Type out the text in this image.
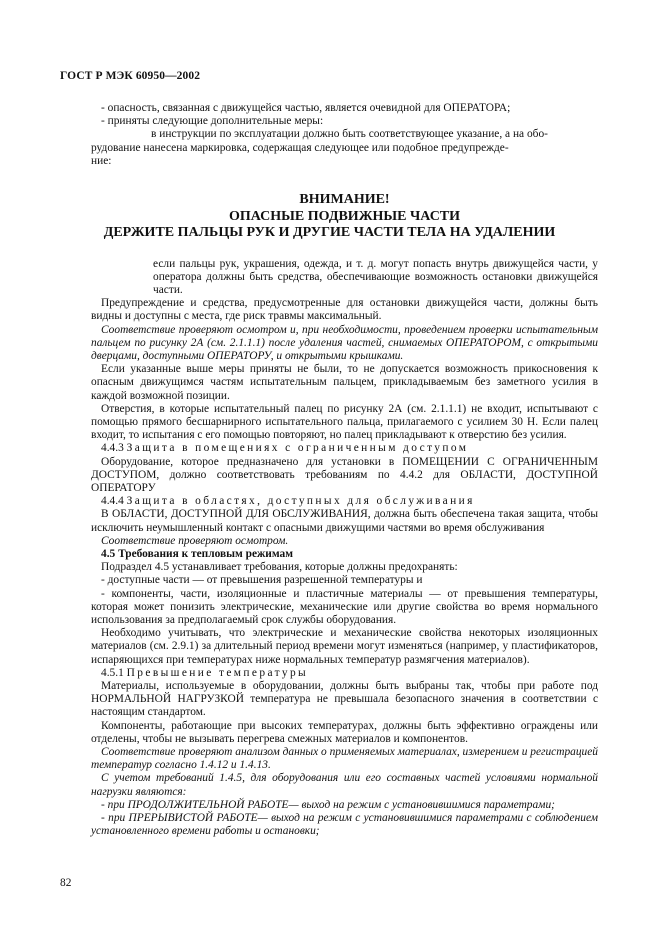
ГОСТ Р МЭК 60950—2002

- опасность, связанная с движущейся частью, является очевидной для ОПЕРАТОРА;

- приняты следующие дополнительные меры:

в инструкции по эксплуатации должно быть соответствующее указание, а на обо-

рудование нанесена маркировка, содержащая следующее или подобное предупрежде-

ние:

ВНИМАНИЕ!
ОПАСНЫЕ ПОДВИЖНЫЕ ЧАСТИ
ДЕРЖИТЕ ПАЛЬЦЫ РУК И ДРУГИЕ ЧАСТИ ТЕЛА НА УДАЛЕНИИ

если пальцы рук, украшения, одежда, и т. д. могут попасть внутрь движущейся части, у оператора должны быть средства, обеспечивающие возможность остановки движущейся части.

Предупреждение и средства, предусмотренные для остановки движущейся части, должны быть видны и доступны с места, где риск травмы максимальный.

Соответствие проверяют осмотром и, при необходимости, проведением проверки испытательным пальцем по рисунку 2А (см. 2.1.1.1) после удаления частей, снимаемых ОПЕРАТОРОМ, с открытыми дверцами, доступными ОПЕРАТОРУ, и открытыми крышками.

Если указанные выше меры приняты не были, то не допускается возможность прикосновения к опасным движущимся частям испытательным пальцем, прикладываемым без заметного усилия в каждой возможной позиции.

Отверстия, в которые испытательный палец по рисунку 2А (см. 2.1.1.1) не входит, испытывают с помощью прямого бесшарнирного испытательного пальца, прилагаемого с усилием 30 Н. Если палец входит, то испытания с его помощью повторяют, но палец прикладывают к отверстию без усилия.

4.4.3 Защита в помещениях с ограниченным доступом

Оборудование, которое предназначено для установки в ПОМЕЩЕНИИ С ОГРАНИЧЕННЫМ ДОСТУПОМ, должно соответствовать требованиям по 4.4.2 для ОБЛАСТИ, ДОСТУПНОЙ ОПЕРАТОРУ

4.4.4 Защита в областях, доступных для обслуживания

В ОБЛАСТИ, ДОСТУПНОЙ ДЛЯ ОБСЛУЖИВАНИЯ, должна быть обеспечена такая защита, чтобы исключить неумышленный контакт с опасными движущими частями во время обслуживания

Соответствие проверяют осмотром.

4.5 Требования к тепловым режимам

Подраздел 4.5 устанавливает требования, которые должны предохранять:

- доступные части — от превышения разрешенной температуры и

- компоненты, части, изоляционные и пластичные материалы — от превышения температуры, которая может понизить электрические, механические или другие свойства во время нормального использования за предполагаемый срок службы оборудования.

Необходимо учитывать, что электрические и механические свойства некоторых изоляционных материалов (см. 2.9.1) за длительный период времени могут изменяться (например, у пластификаторов, испаряющихся при температурах ниже нормальных температур размягчения материалов).

4.5.1 Превышение температуры

Материалы, используемые в оборудовании, должны быть выбраны так, чтобы при работе под НОРМАЛЬНОЙ НАГРУЗКОЙ температура не превышала безопасного значения в соответствии с настоящим стандартом.

Компоненты, работающие при высоких температурах, должны быть эффективно ограждены или отделены, чтобы не вызывать перегрева смежных материалов и компонентов.

Соответствие проверяют анализом данных о применяемых материалах, измерением и регистрацией температур согласно 1.4.12 и 1.4.13.

С учетом требований 1.4.5, для оборудования или его составных частей условиями нормальной нагрузки являются:

- при ПРОДОЛЖИТЕЛЬНОЙ РАБОТЕ— выход на режим с установившимися параметрами;

- при ПРЕРЫВИСТОЙ РАБОТЕ— выход на режим с установившимися параметрами с соблюдением установленного времени работы и остановки;

82
